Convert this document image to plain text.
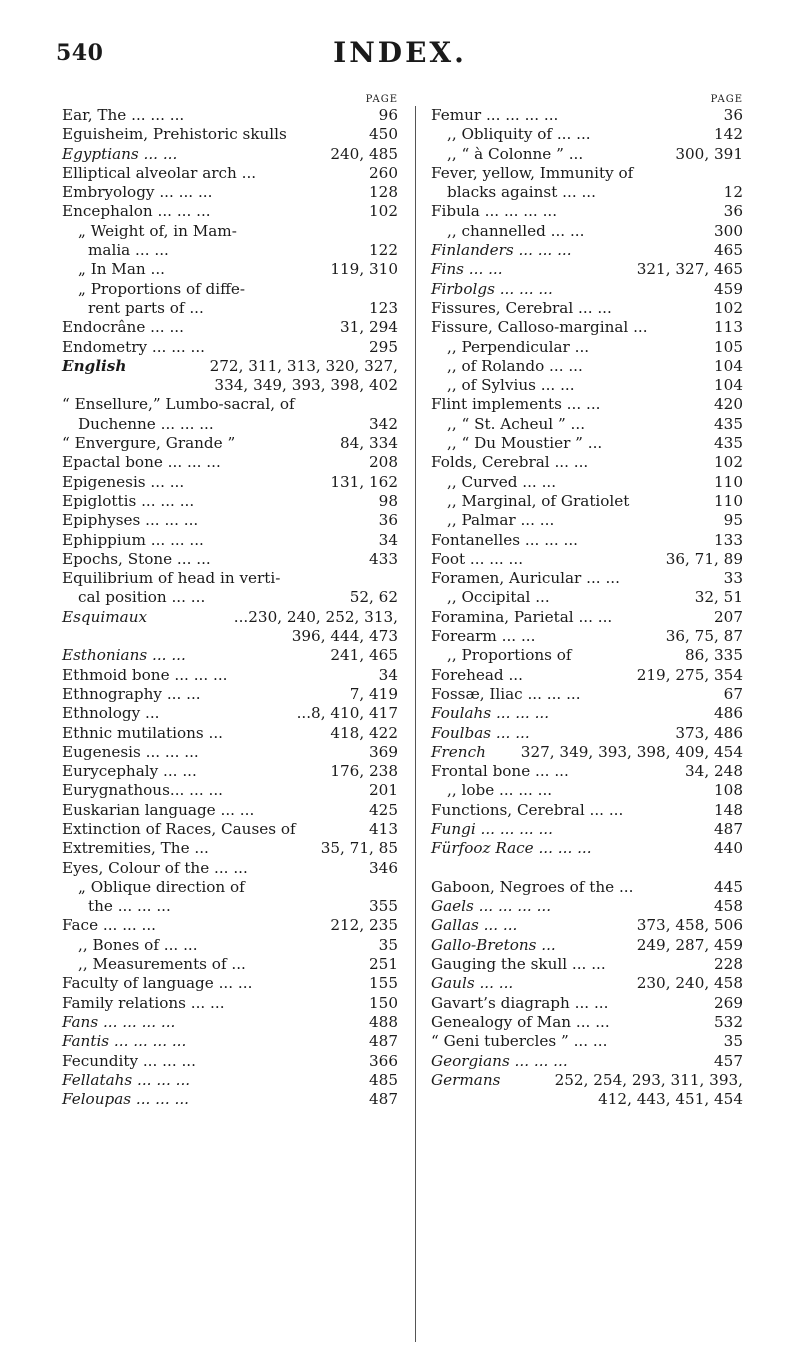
540	INDEX.
PAGE
Ear, The ... ... ...	96
Eguisheim, Prehistoric skulls	450
Egyptians ... ...	240, 485
Elliptical alveolar arch ...	260
Embryology ... ... ...	128
Encephalon ... ... ...	102
„ Weight of, in Mam-
malia ... ...	122
„ In Man ...	119, 310
„ Proportions of diffe-
rent parts of ...	123
Endocrâne ... ...	31, 294
Endometry ... ... ...	295
English	272, 311, 313, 320, 327,
334, 349, 393, 398, 402
“ Ensellure,” Lumbo-sacral, of
Duchenne ... ... ...	342
“ Envergure, Grande ”	84, 334
Epactal bone ... ... ...	208
Epigenesis ... ...	131, 162
Epiglottis ... ... ...	98
Epiphyses ... ... ...	36
Ephippium ... ... ...	34
Epochs, Stone ... ...	433
Equilibrium of head in verti-
cal position ... ...	52, 62
Esquimaux	...230, 240, 252, 313,
396, 444, 473
Esthonians ... ...	241, 465
Ethmoid bone ... ... ...	34
Ethnography ... ...	7, 419
Ethnology ...	...8, 410, 417
Ethnic mutilations ...	418, 422
Eugenesis ... ... ...	369
Eurycephaly ... ...	176, 238
Eurygnathous... ... ...	201
Euskarian language ... ...	425
Extinction of Races, Causes of	413
Extremities, The ...	35, 71, 85
Eyes, Colour of the ... ...	346
„ Oblique direction of
the ... ... ...	355
Face ... ... ...	212, 235
,, Bones of ... ...	35
,, Measurements of ...	251
Faculty of language ... ...	155
Family relations ... ...	150
Fans ... ... ... ...	488
Fantis ... ... ... ...	487
Fecundity ... ... ...	366
Fellatahs ... ... ...	485
Feloupas ... ... ...	487
PAGE
Femur ... ... ... ...	36
,, Obliquity of ... ...	142
,, “ à Colonne ” ...	300, 391
Fever, yellow, Immunity of
blacks against ... ...	12
Fibula ... ... ... ...	36
,, channelled ... ...	300
Finlanders ... ... ...	465
Fins ... ...	321, 327, 465
Firbolgs ... ... ...	459
Fissures, Cerebral ... ...	102
Fissure, Calloso-marginal ...	113
,, Perpendicular ...	105
,, of Rolando ... ...	104
,, of Sylvius ... ...	104
Flint implements ... ...	420
,, “ St. Acheul ” ...	435
,, “ Du Moustier ” ...	435
Folds, Cerebral ... ...	102
,, Curved ... ...	110
,, Marginal, of Gratiolet	110
,, Palmar ... ...	95
Fontanelles ... ... ...	133
Foot ... ... ...	36, 71, 89
Foramen, Auricular ... ...	33
,, Occipital ...	32, 51
Foramina, Parietal ... ...	207
Forearm ... ...	36, 75, 87
,, Proportions of	86, 335
Forehead ...	219, 275, 354
Fossæ, Iliac ... ... ...	67
Foulahs ... ... ...	486
Foulbas ... ...	373, 486
French 327, 349, 393, 398, 409, 454
Frontal bone ... ...	34, 248
,, lobe ... ... ...	108
Functions, Cerebral ... ...	148
Fungi ... ... ... ...	487
Fürfooz Race ... ... ...	440
Gaboon, Negroes of the ...	445
Gaels ... ... ... ...	458
Gallas ... ...	373, 458, 506
Gallo-Bretons ...	249, 287, 459
Gauging the skull ... ...	228
Gauls ... ...	230, 240, 458
Gavart’s diagraph ... ...	269
Genealogy of Man ... ...	532
“ Geni tubercles ” ... ...	35
Georgians ... ... ...	457
Germans	252, 254, 293, 311, 393,
412, 443, 451, 454
